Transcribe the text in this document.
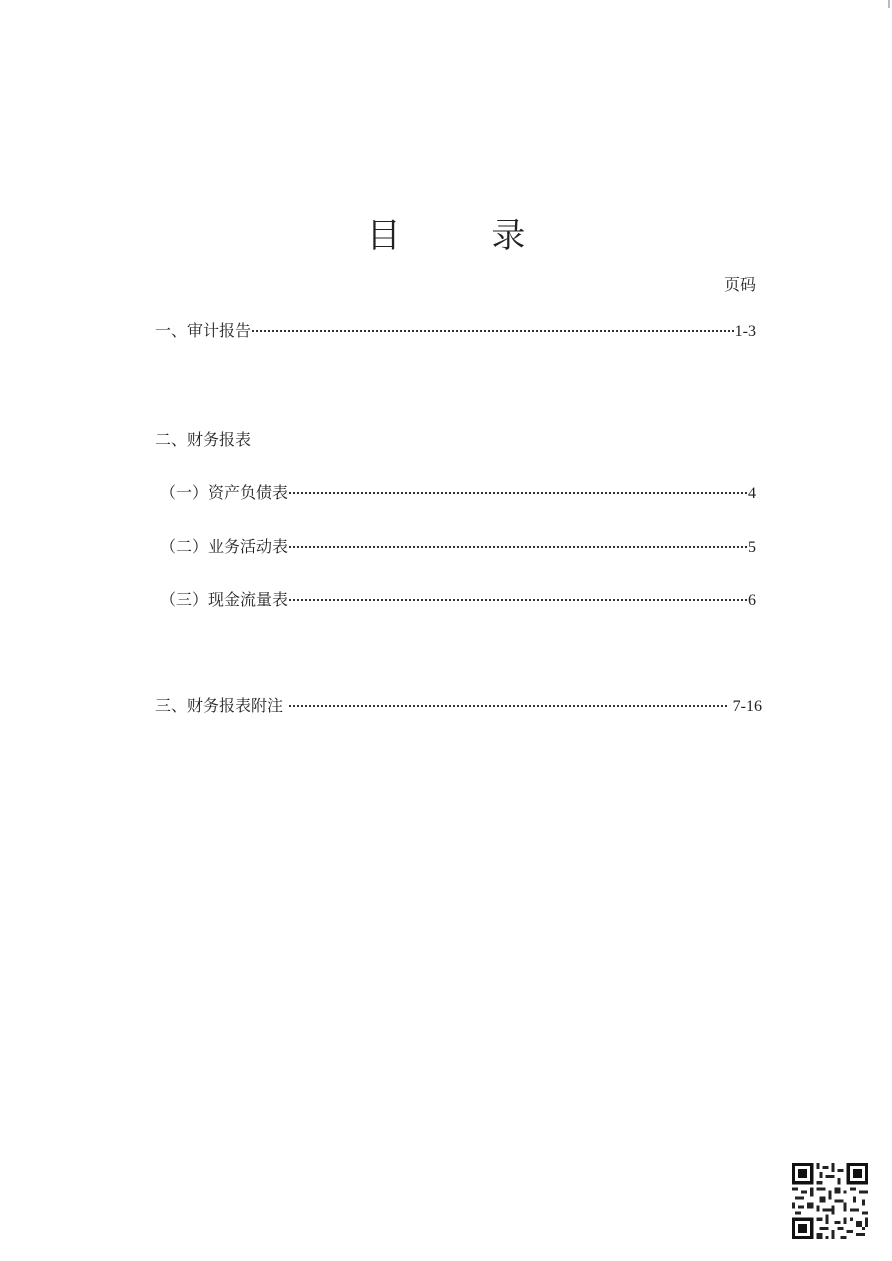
目 录
页码
一、审计报告	1-3
二、财务报表
（一）资产负债表	4
（二）业务活动表	5
（三）现金流量表	6
三、财务报表附注	7-16
